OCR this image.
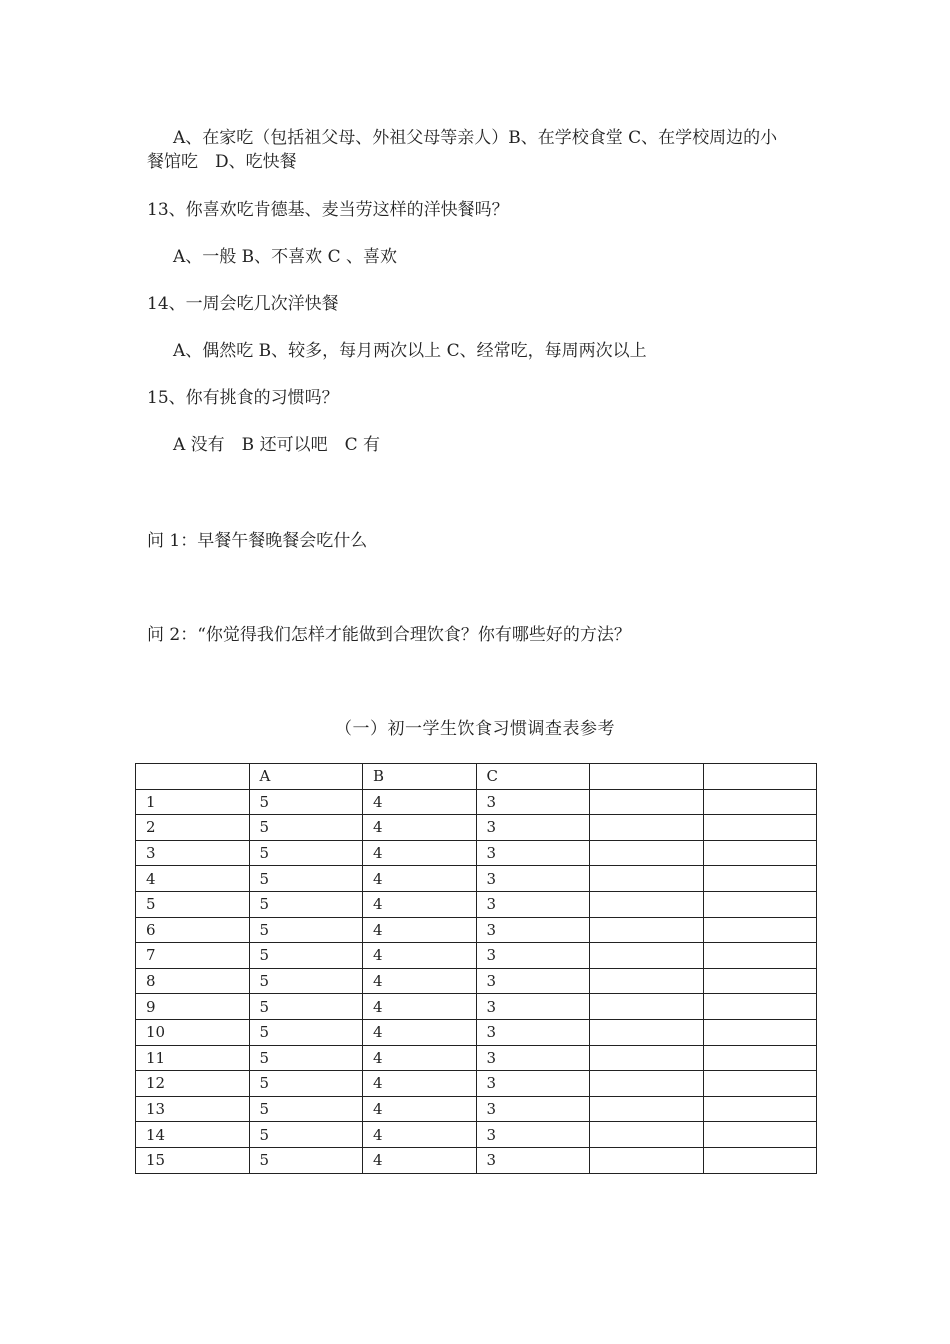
A、在家吃（包括祖父母、外祖父母等亲人）B、在学校食堂 C、在学校周边的小
餐馆吃　D、吃快餐
13、你喜欢吃肯德基、麦当劳这样的洋快餐吗？
A、一般 B、不喜欢 C 、喜欢
14、一周会吃几次洋快餐
A、偶然吃 B、较多，每月两次以上 C、经常吃，每周两次以上
15、你有挑食的习惯吗？
A 没有　B 还可以吧　C 有
问 1：早餐午餐晚餐会吃什么
问 2：“你觉得我们怎样才能做到合理饮食？你有哪些好的方法？
（一）初一学生饮食习惯调查表参考
	A	B	C		
1	5	4	3		
2	5	4	3		
3	5	4	3		
4	5	4	3		
5	5	4	3		
6	5	4	3		
7	5	4	3		
8	5	4	3		
9	5	4	3		
10	5	4	3		
11	5	4	3		
12	5	4	3		
13	5	4	3		
14	5	4	3		
15	5	4	3		
